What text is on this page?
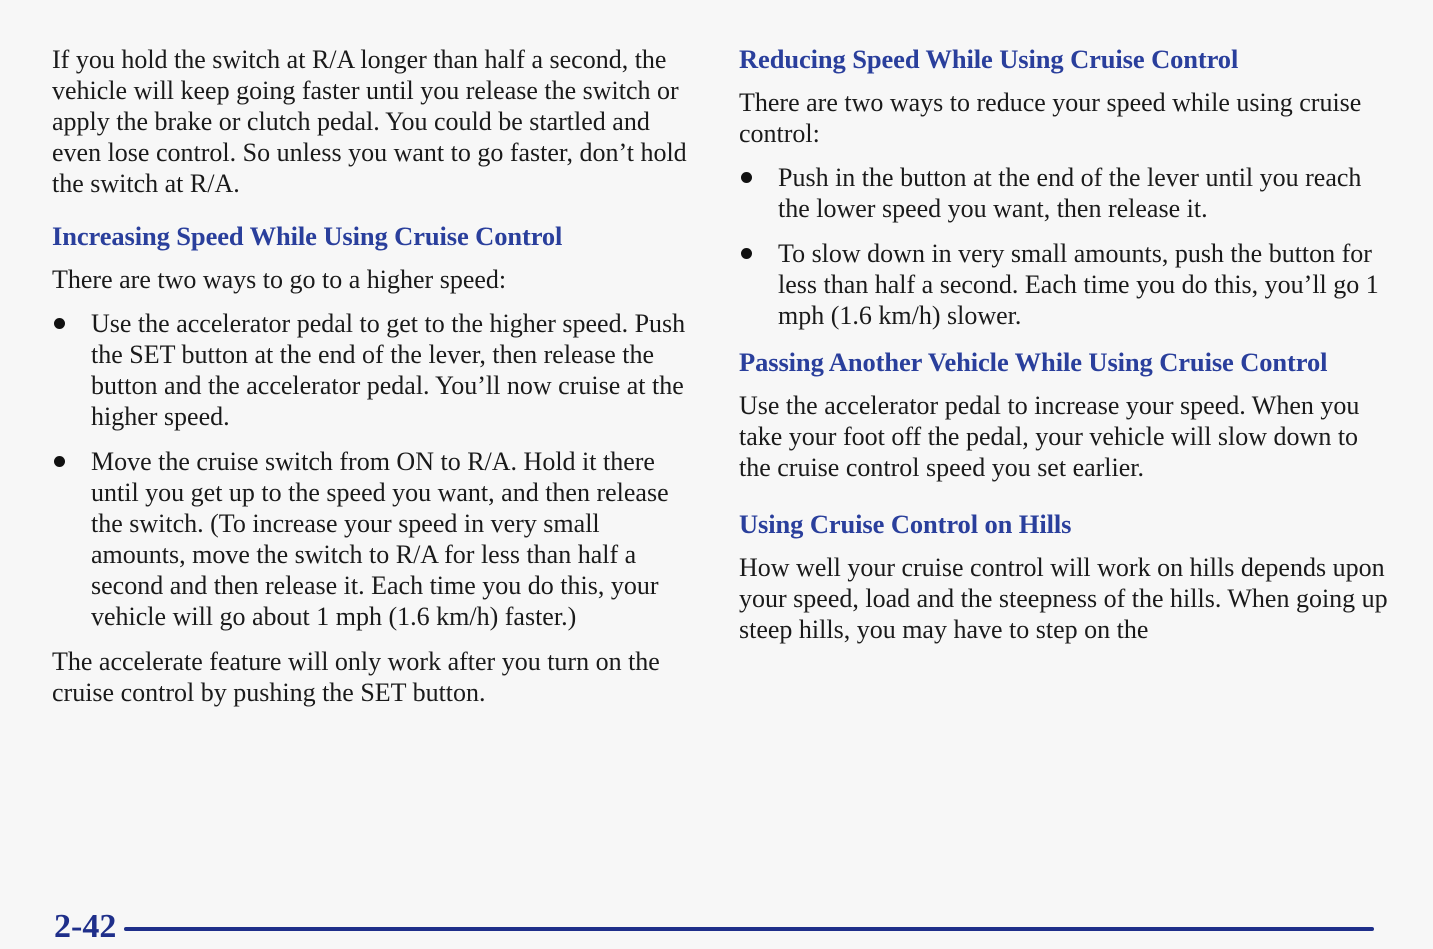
If you hold the switch at R/A longer than half a second, the vehicle will keep going faster until you release the switch or apply the brake or clutch pedal. You could be startled and even lose control. So unless you want to go faster, don’t hold the switch at R/A.

Increasing Speed While Using Cruise Control

There are two ways to go to a higher speed:

Use the accelerator pedal to get to the higher speed. Push the SET button at the end of the lever, then release the button and the accelerator pedal. You’ll now cruise at the higher speed.
Move the cruise switch from ON to R/A. Hold it there until you get up to the speed you want, and then release the switch. (To increase your speed in very small amounts, move the switch to R/A for less than half a second and then release it. Each time you do this, your vehicle will go about 1 mph (1.6 km/h) faster.)

The accelerate feature will only work after you turn on the cruise control by pushing the SET button.

Reducing Speed While Using Cruise Control

There are two ways to reduce your speed while using cruise control:

Push in the button at the end of the lever until you reach the lower speed you want, then release it.
To slow down in very small amounts, push the button for less than half a second. Each time you do this, you’ll go 1 mph (1.6 km/h) slower.
Passing Another Vehicle While Using Cruise Control

Use the accelerator pedal to increase your speed. When you take your foot off the pedal, your vehicle will slow down to the cruise control speed you set earlier.

Using Cruise Control on Hills

How well your cruise control will work on hills depends upon your speed, load and the steepness of the hills. When going up steep hills, you may have to step on the

2-42
